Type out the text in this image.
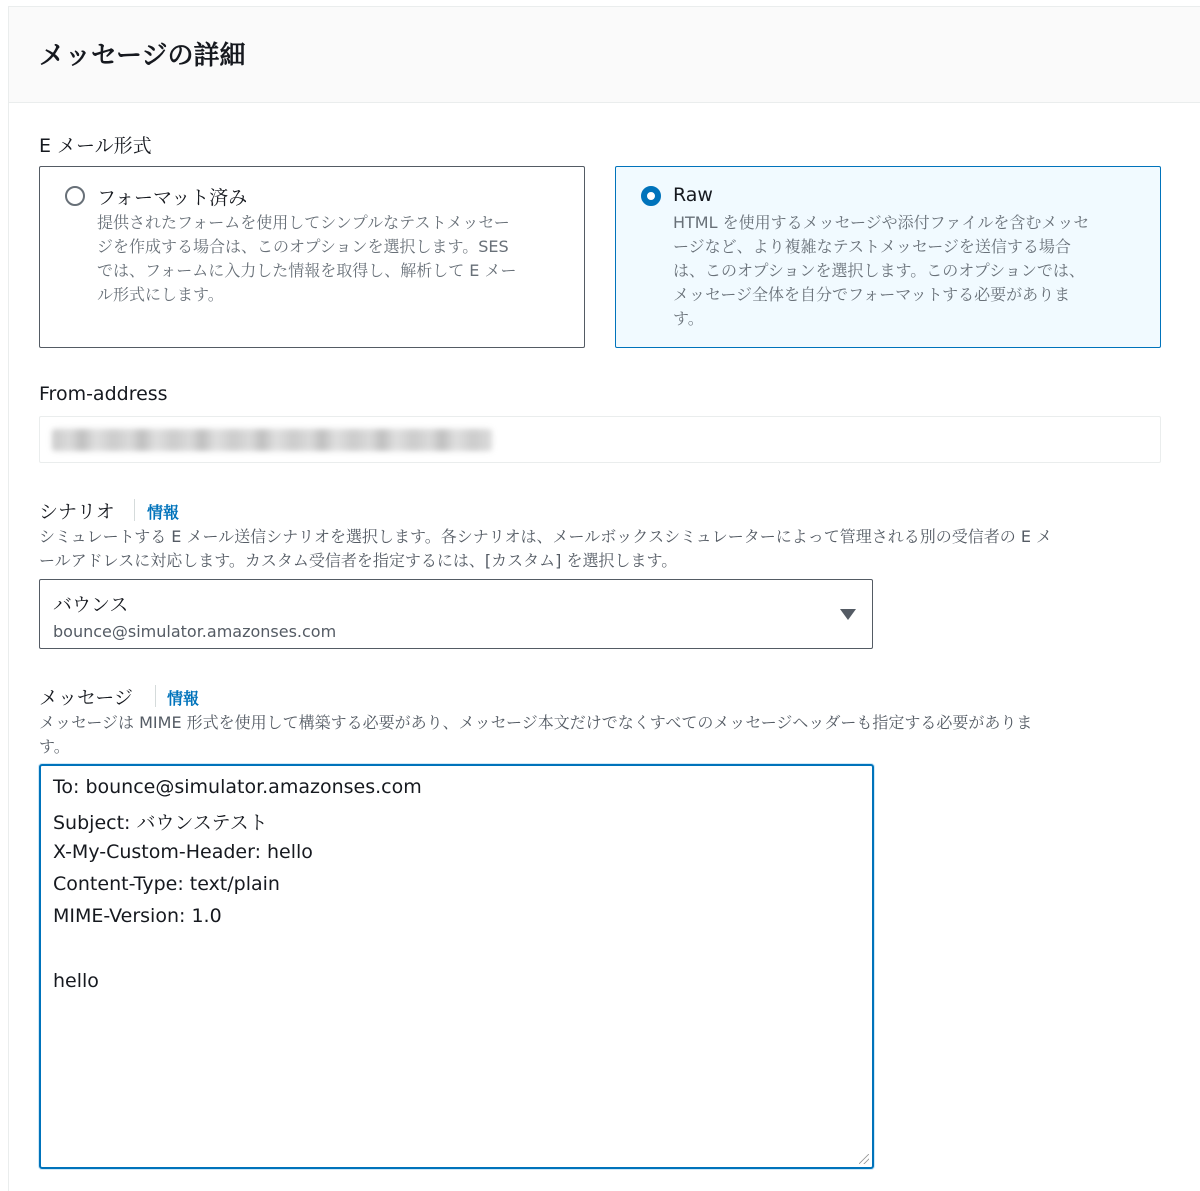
メッセージの詳細
E メール形式
フォーマット済み
提供されたフォームを使用してシンプルなテストメッセー
ジを作成する場合は、このオプションを選択します。SES
では、フォームに入力した情報を取得し、解析して E メー
ル形式にします。
Raw
HTML を使用するメッセージや添付ファイルを含むメッセ
ージなど、より複雑なテストメッセージを送信する場合
は、このオプションを選択します。このオプションでは、
メッセージ全体を自分でフォーマットする必要がありま
す。
From-address
シナリオ 情報
シミュレートする E メール送信シナリオを選択します。各シナリオは、メールボックスシミュレーターによって管理される別の受信者の E メ
ールアドレスに対応します。カスタム受信者を指定するには、[カスタム] を選択します。
バウンス
bounce@simulator.amazonses.com
メッセージ 情報
メッセージは MIME 形式を使用して構築する必要があり、メッセージ本文だけでなくすべてのメッセージヘッダーも指定する必要がありま
す。
To: bounce@simulator.amazonses.com
Subject: バウンステスト
X-My-Custom-Header: hello
Content-Type: text/plain
MIME-Version: 1.0
hello
